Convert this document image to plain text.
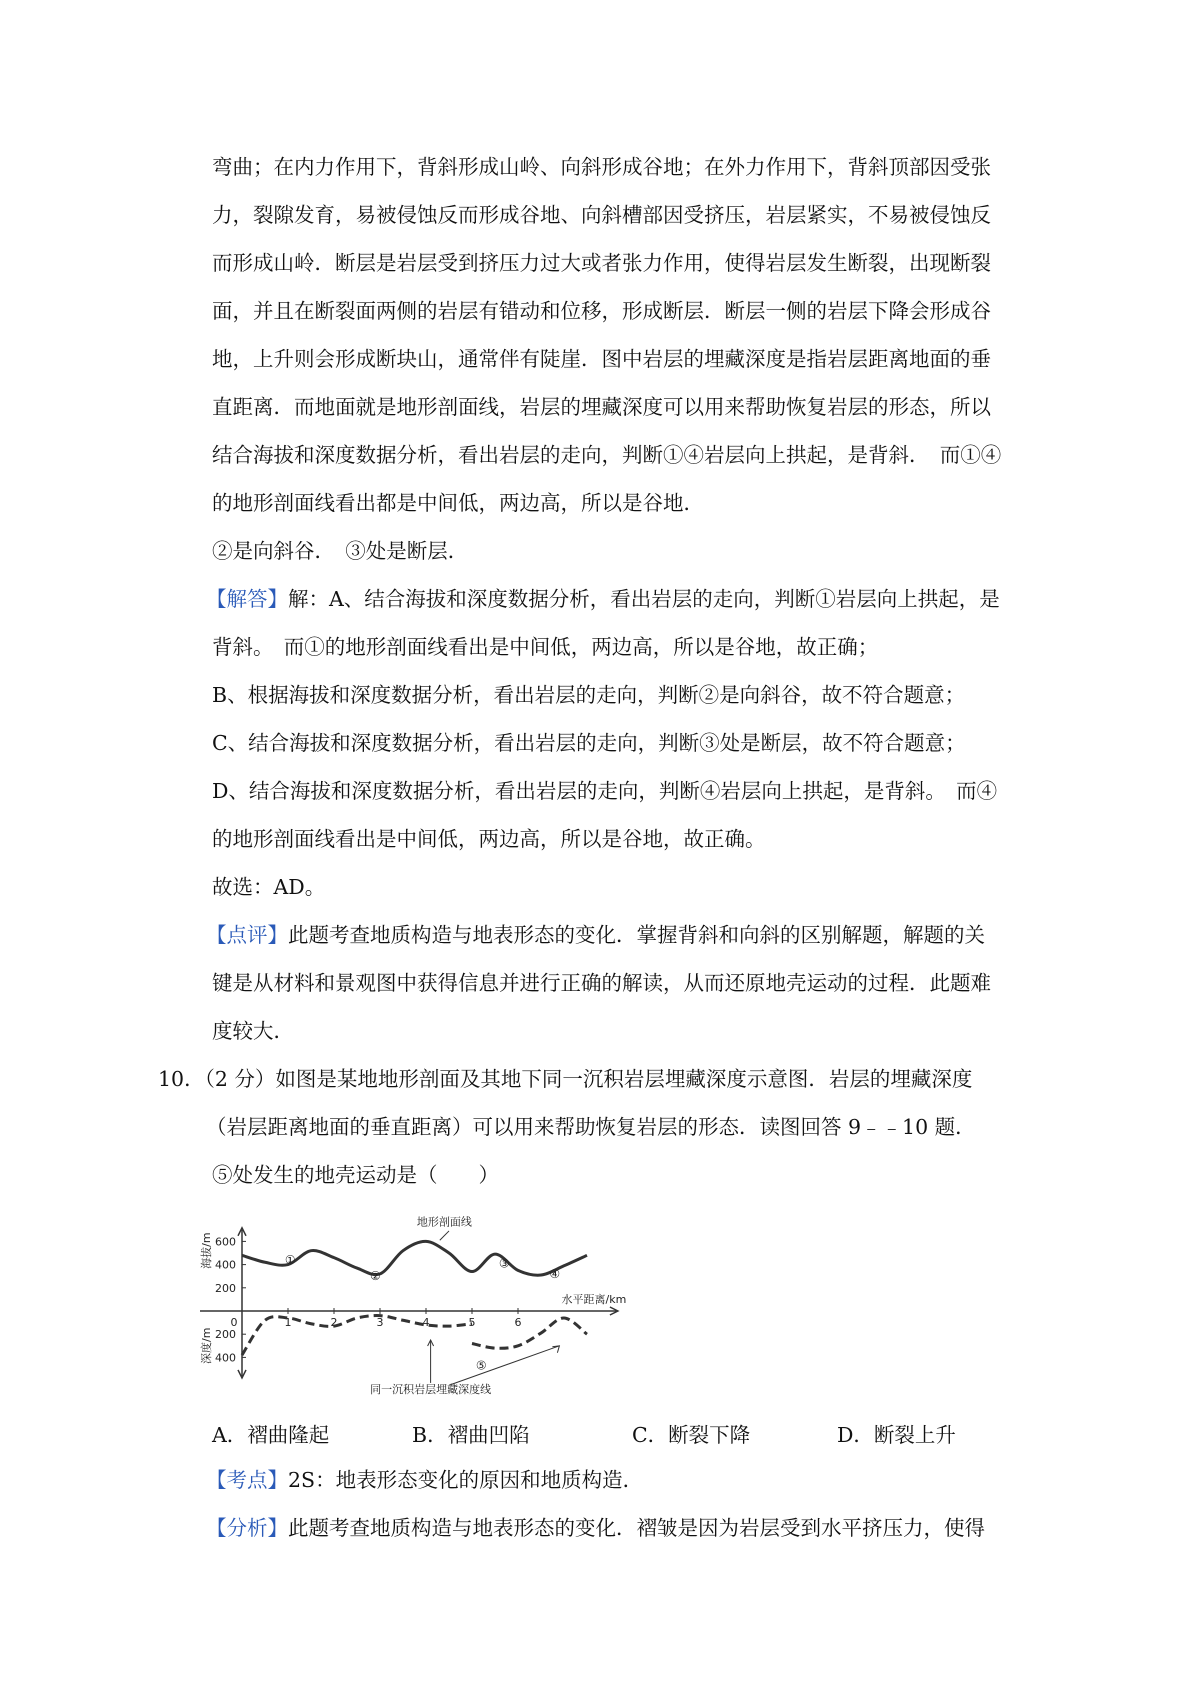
弯曲；在内力作用下，背斜形成山岭、向斜形成谷地；在外力作用下，背斜顶部因受张
力，裂隙发育，易被侵蚀反而形成谷地、向斜槽部因受挤压，岩层紧实，不易被侵蚀反
而形成山岭．断层是岩层受到挤压力过大或者张力作用，使得岩层发生断裂，出现断裂
面，并且在断裂面两侧的岩层有错动和位移，形成断层．断层一侧的岩层下降会形成谷
地，上升则会形成断块山，通常伴有陡崖．图中岩层的埋藏深度是指岩层距离地面的垂
直距离．而地面就是地形剖面线，岩层的埋藏深度可以用来帮助恢复岩层的形态，所以
结合海拔和深度数据分析，看出岩层的走向，判断①④岩层向上拱起，是背斜．　而①④
的地形剖面线看出都是中间低，两边高，所以是谷地．
②是向斜谷．　③处是断层．
【解答】解：A、结合海拔和深度数据分析，看出岩层的走向，判断①岩层向上拱起，是
背斜。　而①的地形剖面线看出是中间低，两边高，所以是谷地，故正确；
B、根据海拔和深度数据分析，看出岩层的走向，判断②是向斜谷，故不符合题意；
C、结合海拔和深度数据分析，看出岩层的走向，判断③处是断层，故不符合题意；
D、结合海拔和深度数据分析，看出岩层的走向，判断④岩层向上拱起，是背斜。　而④
的地形剖面线看出是中间低，两边高，所以是谷地，故正确。
故选：AD。
【点评】此题考查地质构造与地表形态的变化．掌握背斜和向斜的区别解题，解题的关
键是从材料和景观图中获得信息并进行正确的解读，从而还原地壳运动的过程．此题难
度较大．
10．（2 分）如图是某地地形剖面及其地下同一沉积岩层埋藏深度示意图．岩层的埋藏深度
（岩层距离地面的垂直距离）可以用来帮助恢复岩层的形态．读图回答 9﹣﹣10 题．
⑤处发生的地壳运动是（　　）
0	1	2	3	4	5	6
600
400
200
200
400
海拔/m
深度/m
水平距离/km
地形剖面线
同一沉积岩层埋藏深度线
①
②
③
④
⑤
A．褶曲隆起	B．褶曲凹陷	C．断裂下降	D．断裂上升
【考点】2S：地表形态变化的原因和地质构造．
【分析】此题考查地质构造与地表形态的变化．褶皱是因为岩层受到水平挤压力，使得
